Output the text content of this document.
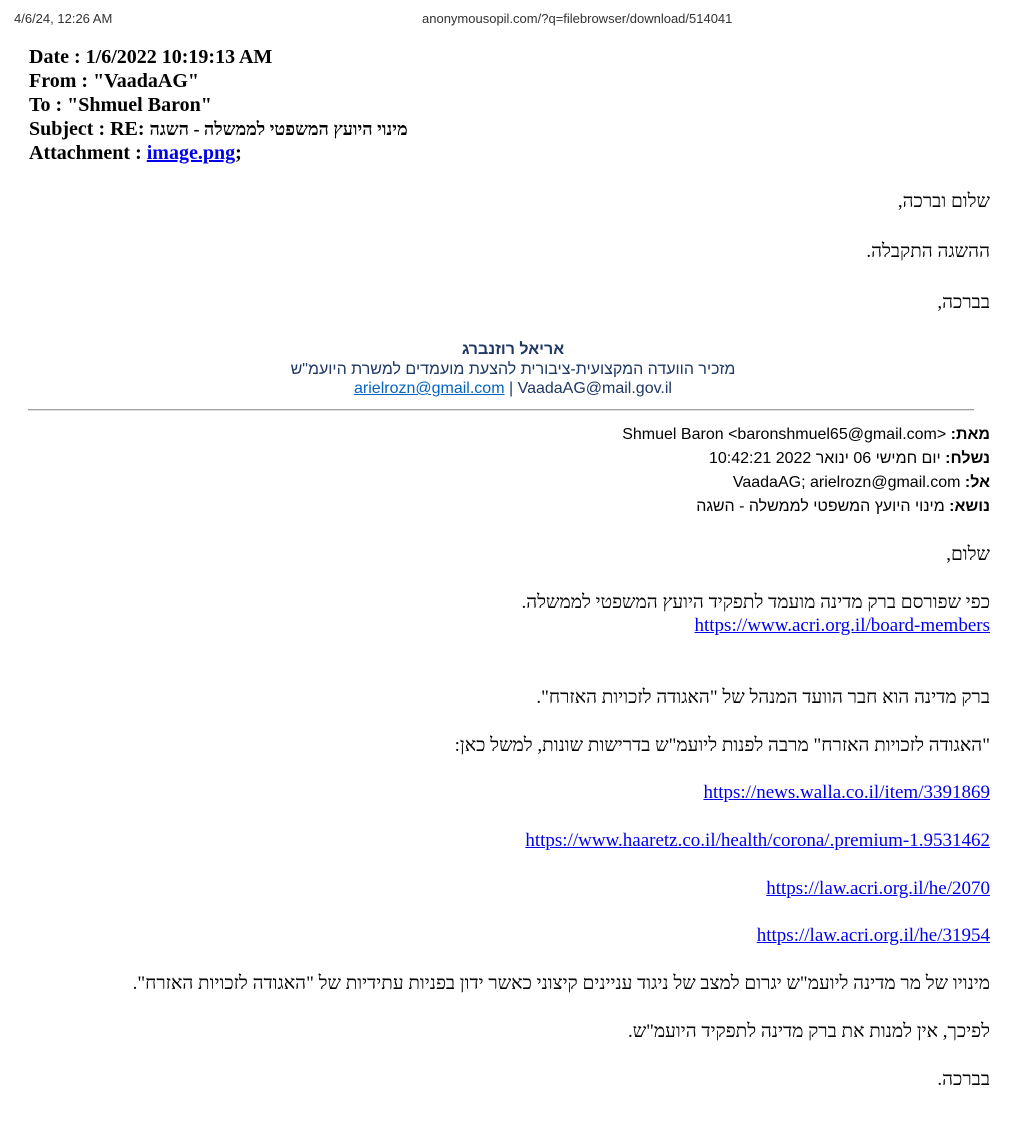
4/6/24, 12:26 AM	anonymousopil.com/?q=filebrowser/download/514041
Date : 1/6/2022 10:19:13 AM
From : "VaadaAG"
To : "Shmuel Baron"
Subject : RE: מינוי היועץ המשפטי לממשלה - השגה
Attachment : image.png;
שלום וברכה,
ההשגה התקבלה.
בברכה,
אריאל רוזנברג
מזכיר הוועדה המקצועית-ציבורית להצעת מועמדים למשרת היועמ"ש
arielrozn@gmail.com | VaadaAG@mail.gov.il
מאת: Shmuel Baron <baronshmuel65@gmail.com>
נשלח: יום חמישי 06 ינואר 2022 10:42:21
אל: VaadaAG; arielrozn@gmail.com
נושא: מינוי היועץ המשפטי לממשלה - השגה
שלום,
כפי שפורסם ברק מדינה מועמד לתפקיד היועץ המשפטי לממשלה.
https://www.acri.org.il/board-members
ברק מדינה הוא חבר הוועד המנהל של "האגודה לזכויות האזרח".
"האגודה לזכויות האזרח" מרבה לפנות ליועמ"ש בדרישות שונות, למשל כאן:
https://news.walla.co.il/item/3391869
https://www.haaretz.co.il/health/corona/.premium-1.9531462
https://law.acri.org.il/he/2070
https://law.acri.org.il/he/31954
מינויו של מר מדינה ליועמ"ש יגרום למצב של ניגוד עניינים קיצוני כאשר ידון בפניות עתידיות של "האגודה לזכויות האזרח".
לפיכך, אין למנות את ברק מדינה לתפקיד היועמ"ש.
בברכה.
